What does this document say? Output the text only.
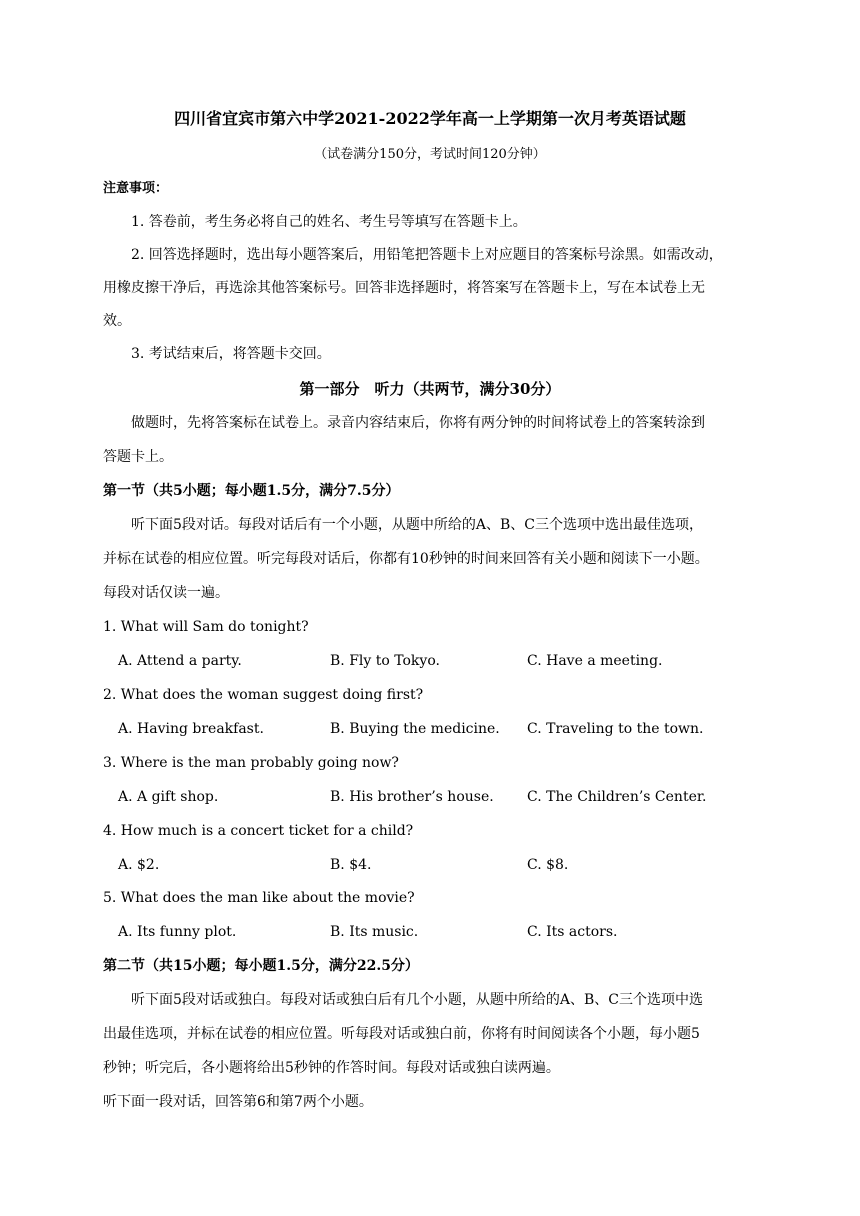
四川省宜宾市第六中学2021-2022学年高一上学期第一次月考英语试题
（试卷满分150分，考试时间120分钟）
注意事项：
1. 答卷前，考生务必将自己的姓名、考生号等填写在答题卡上。
2. 回答选择题时，选出每小题答案后，用铅笔把答题卡上对应题目的答案标号涂黑。如需改动，
用橡皮擦干净后，再选涂其他答案标号。回答非选择题时，将答案写在答题卡上，写在本试卷上无
效。
3. 考试结束后，将答题卡交回。
第一部分　听力（共两节，满分30分）
做题时，先将答案标在试卷上。录音内容结束后，你将有两分钟的时间将试卷上的答案转涂到
答题卡上。
第一节（共5小题；每小题1.5分，满分7.5分）
听下面5段对话。每段对话后有一个小题，从题中所给的A、B、C三个选项中选出最佳选项，
并标在试卷的相应位置。听完每段对话后，你都有10秒钟的时间来回答有关小题和阅读下一小题。
每段对话仅读一遍。
1. What will Sam do tonight?
A. Attend a party.	B. Fly to Tokyo.	C. Have a meeting.
2. What does the woman suggest doing first?
A. Having breakfast.	B. Buying the medicine. C. Traveling to the town.
3. Where is the man probably going now?
A. A gift shop.	B. His brother’s house. C. The Children’s Center.
4. How much is a concert ticket for a child?
A. $2.	B. $4.	C. $8.
5. What does the man like about the movie?
A. Its funny plot.	B. Its music.	C. Its actors.
第二节（共15小题；每小题1.5分，满分22.5分）
听下面5段对话或独白。每段对话或独白后有几个小题，从题中所给的A、B、C三个选项中选
出最佳选项，并标在试卷的相应位置。听每段对话或独白前，你将有时间阅读各个小题，每小题5
秒钟；听完后，各小题将给出5秒钟的作答时间。每段对话或独白读两遍。
听下面一段对话，回答第6和第7两个小题。
